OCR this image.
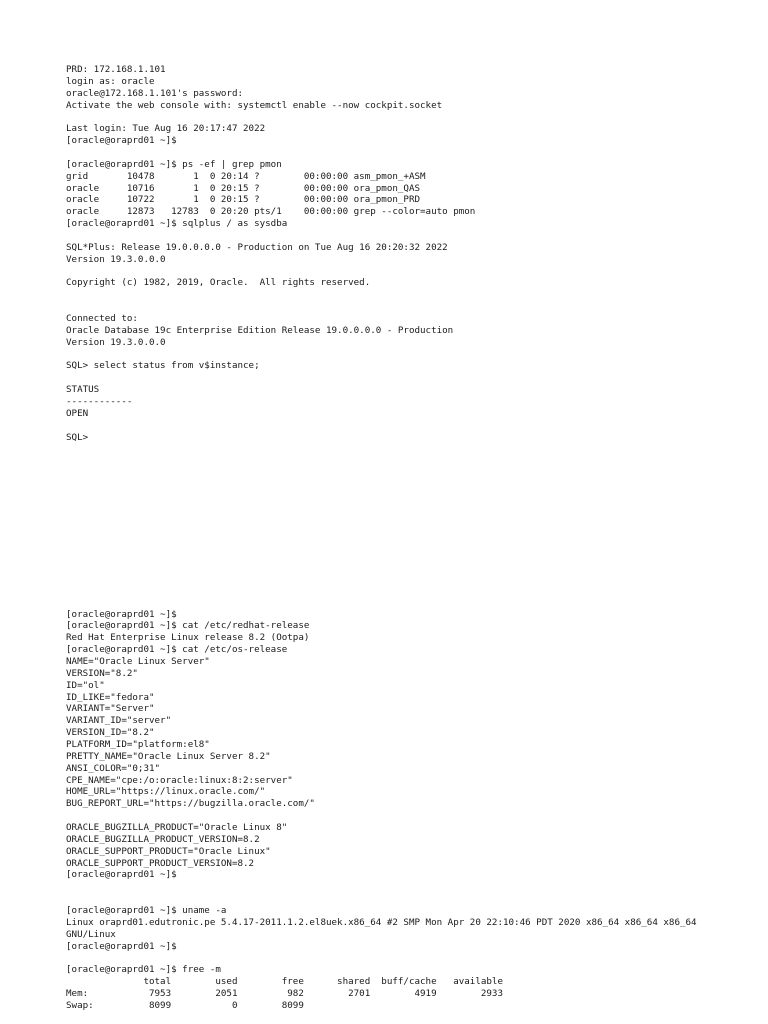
PRD: 172.168.1.101
login as: oracle
oracle@172.168.1.101's password:
Activate the web console with: systemctl enable --now cockpit.socket
Last login: Tue Aug 16 20:17:47 2022
[oracle@oraprd01 ~]$
[oracle@oraprd01 ~]$ ps -ef | grep pmon
grid       10478       1  0 20:14 ?        00:00:00 asm_pmon_+ASM
oracle     10716       1  0 20:15 ?        00:00:00 ora_pmon_QAS
oracle     10722       1  0 20:15 ?        00:00:00 ora_pmon_PRD
oracle     12873   12783  0 20:20 pts/1    00:00:00 grep --color=auto pmon
[oracle@oraprd01 ~]$ sqlplus / as sysdba
SQL*Plus: Release 19.0.0.0.0 - Production on Tue Aug 16 20:20:32 2022
Version 19.3.0.0.0
Copyright (c) 1982, 2019, Oracle.  All rights reserved.
Connected to:
Oracle Database 19c Enterprise Edition Release 19.0.0.0.0 - Production
Version 19.3.0.0.0
SQL> select status from v$instance;
STATUS
------------
OPEN
SQL>
[oracle@oraprd01 ~]$
[oracle@oraprd01 ~]$ cat /etc/redhat-release
Red Hat Enterprise Linux release 8.2 (Ootpa)
[oracle@oraprd01 ~]$ cat /etc/os-release
NAME="Oracle Linux Server"
VERSION="8.2"
ID="ol"
ID_LIKE="fedora"
VARIANT="Server"
VARIANT_ID="server"
VERSION_ID="8.2"
PLATFORM_ID="platform:el8"
PRETTY_NAME="Oracle Linux Server 8.2"
ANSI_COLOR="0;31"
CPE_NAME="cpe:/o:oracle:linux:8:2:server"
HOME_URL="https://linux.oracle.com/"
BUG_REPORT_URL="https://bugzilla.oracle.com/"
ORACLE_BUGZILLA_PRODUCT="Oracle Linux 8"
ORACLE_BUGZILLA_PRODUCT_VERSION=8.2
ORACLE_SUPPORT_PRODUCT="Oracle Linux"
ORACLE_SUPPORT_PRODUCT_VERSION=8.2
[oracle@oraprd01 ~]$
[oracle@oraprd01 ~]$ uname -a
Linux oraprd01.edutronic.pe 5.4.17-2011.1.2.el8uek.x86_64 #2 SMP Mon Apr 20 22:10:46 PDT 2020 x86_64 x86_64 x86_64
GNU/Linux
[oracle@oraprd01 ~]$
[oracle@oraprd01 ~]$ free -m
total        used        free      shared  buff/cache   available
Mem:           7953        2051         982        2701        4919        2933
Swap:          8099           0        8099
